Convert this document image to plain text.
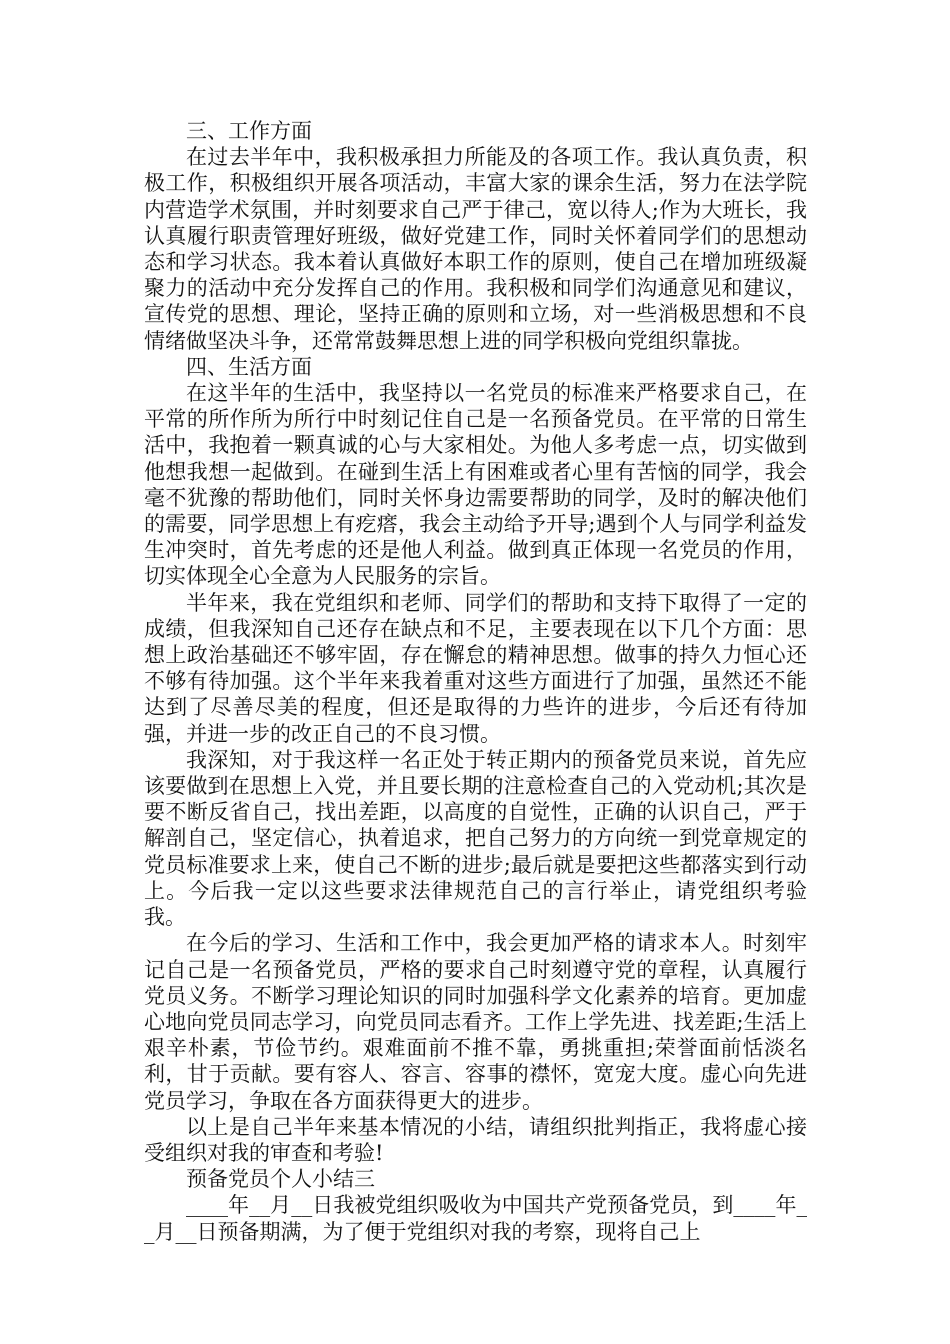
三、工作方面

在过去半年中，我积极承担力所能及的各项工作。我认真负责，积极工作，积极组织开展各项活动，丰富大家的课余生活，努力在法学院内营造学术氛围，并时刻要求自己严于律己，宽以待人;作为大班长，我认真履行职责管理好班级，做好党建工作，同时关怀着同学们的思想动态和学习状态。我本着认真做好本职工作的原则，使自己在增加班级凝聚力的活动中充分发挥自己的作用。我积极和同学们沟通意见和建议，宣传党的思想、理论，坚持正确的原则和立场，对一些消极思想和不良情绪做坚决斗争，还常常鼓舞思想上进的同学积极向党组织靠拢。

四、生活方面

在这半年的生活中，我坚持以一名党员的标准来严格要求自己，在平常的所作所为所行中时刻记住自己是一名预备党员。在平常的日常生活中，我抱着一颗真诚的心与大家相处。为他人多考虑一点，切实做到他想我想一起做到。在碰到生活上有困难或者心里有苦恼的同学，我会毫不犹豫的帮助他们，同时关怀身边需要帮助的同学，及时的解决他们的需要，同学思想上有疙瘩，我会主动给予开导;遇到个人与同学利益发生冲突时，首先考虑的还是他人利益。做到真正体现一名党员的作用，切实体现全心全意为人民服务的宗旨。

半年来，我在党组织和老师、同学们的帮助和支持下取得了一定的成绩，但我深知自己还存在缺点和不足，主要表现在以下几个方面：思想上政治基础还不够牢固，存在懈怠的精神思想。做事的持久力恒心还不够有待加强。这个半年来我着重对这些方面进行了加强，虽然还不能达到了尽善尽美的程度，但还是取得的力些许的进步，今后还有待加强，并进一步的改正自己的不良习惯。

我深知，对于我这样一名正处于转正期内的预备党员来说，首先应该要做到在思想上入党，并且要长期的注意检查自己的入党动机;其次是要不断反省自己，找出差距，以高度的自觉性，正确的认识自己，严于解剖自己，坚定信心，执着追求，把自己努力的方向统一到党章规定的党员标准要求上来，使自己不断的进步;最后就是要把这些都落实到行动上。今后我一定以这些要求法律规范自己的言行举止，请党组织考验我。

在今后的学习、生活和工作中，我会更加严格的请求本人。时刻牢记自己是一名预备党员，严格的要求自己时刻遵守党的章程，认真履行党员义务。不断学习理论知识的同时加强科学文化素养的培育。更加虚心地向党员同志学习，向党员同志看齐。工作上学先进、找差距;生活上艰辛朴素，节俭节约。艰难面前不推不靠，勇挑重担;荣誉面前恬淡名利，甘于贡献。要有容人、容言、容事的襟怀，宽宠大度。虚心向先进党员学习，争取在各方面获得更大的进步。

以上是自己半年来基本情况的小结，请组织批判指正，我将虚心接受组织对我的审查和考验!

预备党员个人小结三

____年__月__日我被党组织吸收为中国共产党预备党员，到____年__月__日预备期满，为了便于党组织对我的考察，现将自己上
